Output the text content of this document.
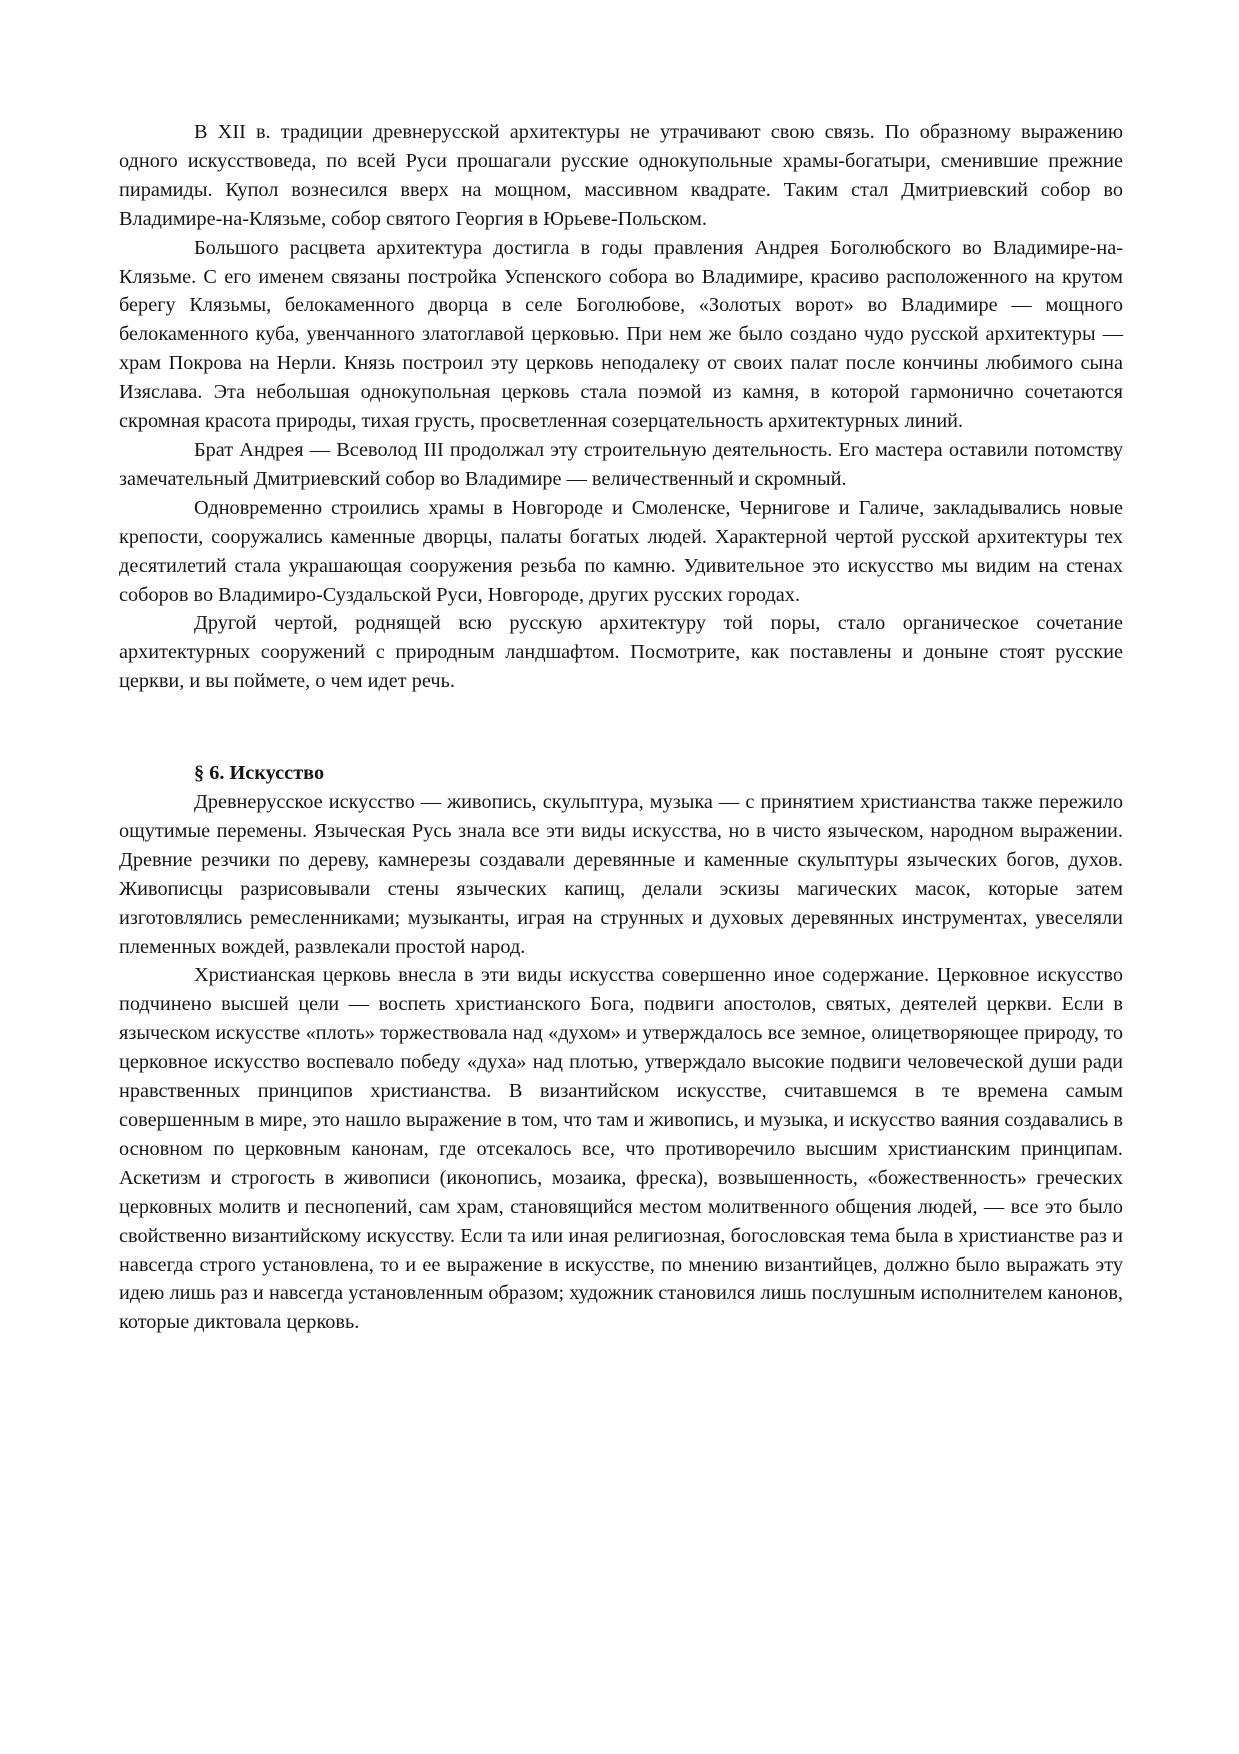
В XII в. традиции древнерусской архитектуры не утрачивают свою связь. По образному выражению одного искусствоведа, по всей Руси прошагали русские однокупольные храмы-богатыри, сменившие прежние пирамиды. Купол вознесился вверх на мощном, массивном квадрате. Таким стал Дмитриевский собор во Владимире-на-Клязьме, собор святого Георгия в Юрьеве-Польском.

Большого расцвета архитектура достигла в годы правления Андрея Боголюбского во Владимире-на-Клязьме. С его именем связаны постройка Успенского собора во Владимире, красиво расположенного на крутом берегу Клязьмы, белокаменного дворца в селе Боголюбове, «Золотых ворот» во Владимире — мощного белокаменного куба, увенчанного златоглавой церковью. При нем же было создано чудо русской архитектуры — храм Покрова на Нерли. Князь построил эту церковь неподалеку от своих палат после кончины любимого сына Изяслава. Эта небольшая однокупольная церковь стала поэмой из камня, в которой гармонично сочетаются скромная красота природы, тихая грусть, просветленная созерцательность архитектурных линий.

Брат Андрея — Всеволод III продолжал эту строительную деятельность. Его мастера оставили потомству замечательный Дмитриевский собор во Владимире — величественный и скромный.

Одновременно строились храмы в Новгороде и Смоленске, Чернигове и Галиче, закладывались новые крепости, сооружались каменные дворцы, палаты богатых людей. Характерной чертой русской архитектуры тех десятилетий стала украшающая сооружения резьба по камню. Удивительное это искусство мы видим на стенах соборов во Владимиро-Суздальской Руси, Новгороде, других русских городах.

Другой чертой, роднящей всю русскую архитектуру той поры, стало органическое сочетание архитектурных сооружений с природным ландшафтом. Посмотрите, как поставлены и доныне стоят русские церкви, и вы поймете, о чем идет речь.

§ 6. Искусство

Древнерусское искусство — живопись, скульптура, музыка — с принятием христианства также пережило ощутимые перемены. Языческая Русь знала все эти виды искусства, но в чисто языческом, народном выражении. Древние резчики по дереву, камнерезы создавали деревянные и каменные скульптуры языческих богов, духов. Живописцы разрисовывали стены языческих капищ, делали эскизы магических масок, которые затем изготовлялись ремесленниками; музыканты, играя на струнных и духовых деревянных инструментах, увеселяли племенных вождей, развлекали простой народ.

Христианская церковь внесла в эти виды искусства совершенно иное содержание. Церковное искусство подчинено высшей цели — воспеть христианского Бога, подвиги апостолов, святых, деятелей церкви. Если в языческом искусстве «плоть» торжествовала над «духом» и утверждалось все земное, олицетворяющее природу, то церковное искусство воспевало победу «духа» над плотью, утверждало высокие подвиги человеческой души ради нравственных принципов христианства. В византийском искусстве, считавшемся в те времена самым совершенным в мире, это нашло выражение в том, что там и живопись, и музыка, и искусство ваяния создавались в основном по церковным канонам, где отсекалось все, что противоречило высшим христианским принципам. Аскетизм и строгость в живописи (иконопись, мозаика, фреска), возвышенность, «божественность» греческих церковных молитв и песнопений, сам храм, становящийся местом молитвенного общения людей, — все это было свойственно византийскому искусству. Если та или иная религиозная, богословская тема была в христианстве раз и навсегда строго установлена, то и ее выражение в искусстве, по мнению византийцев, должно было выражать эту идею лишь раз и навсегда установленным образом; художник становился лишь послушным исполнителем канонов, которые диктовала церковь.
